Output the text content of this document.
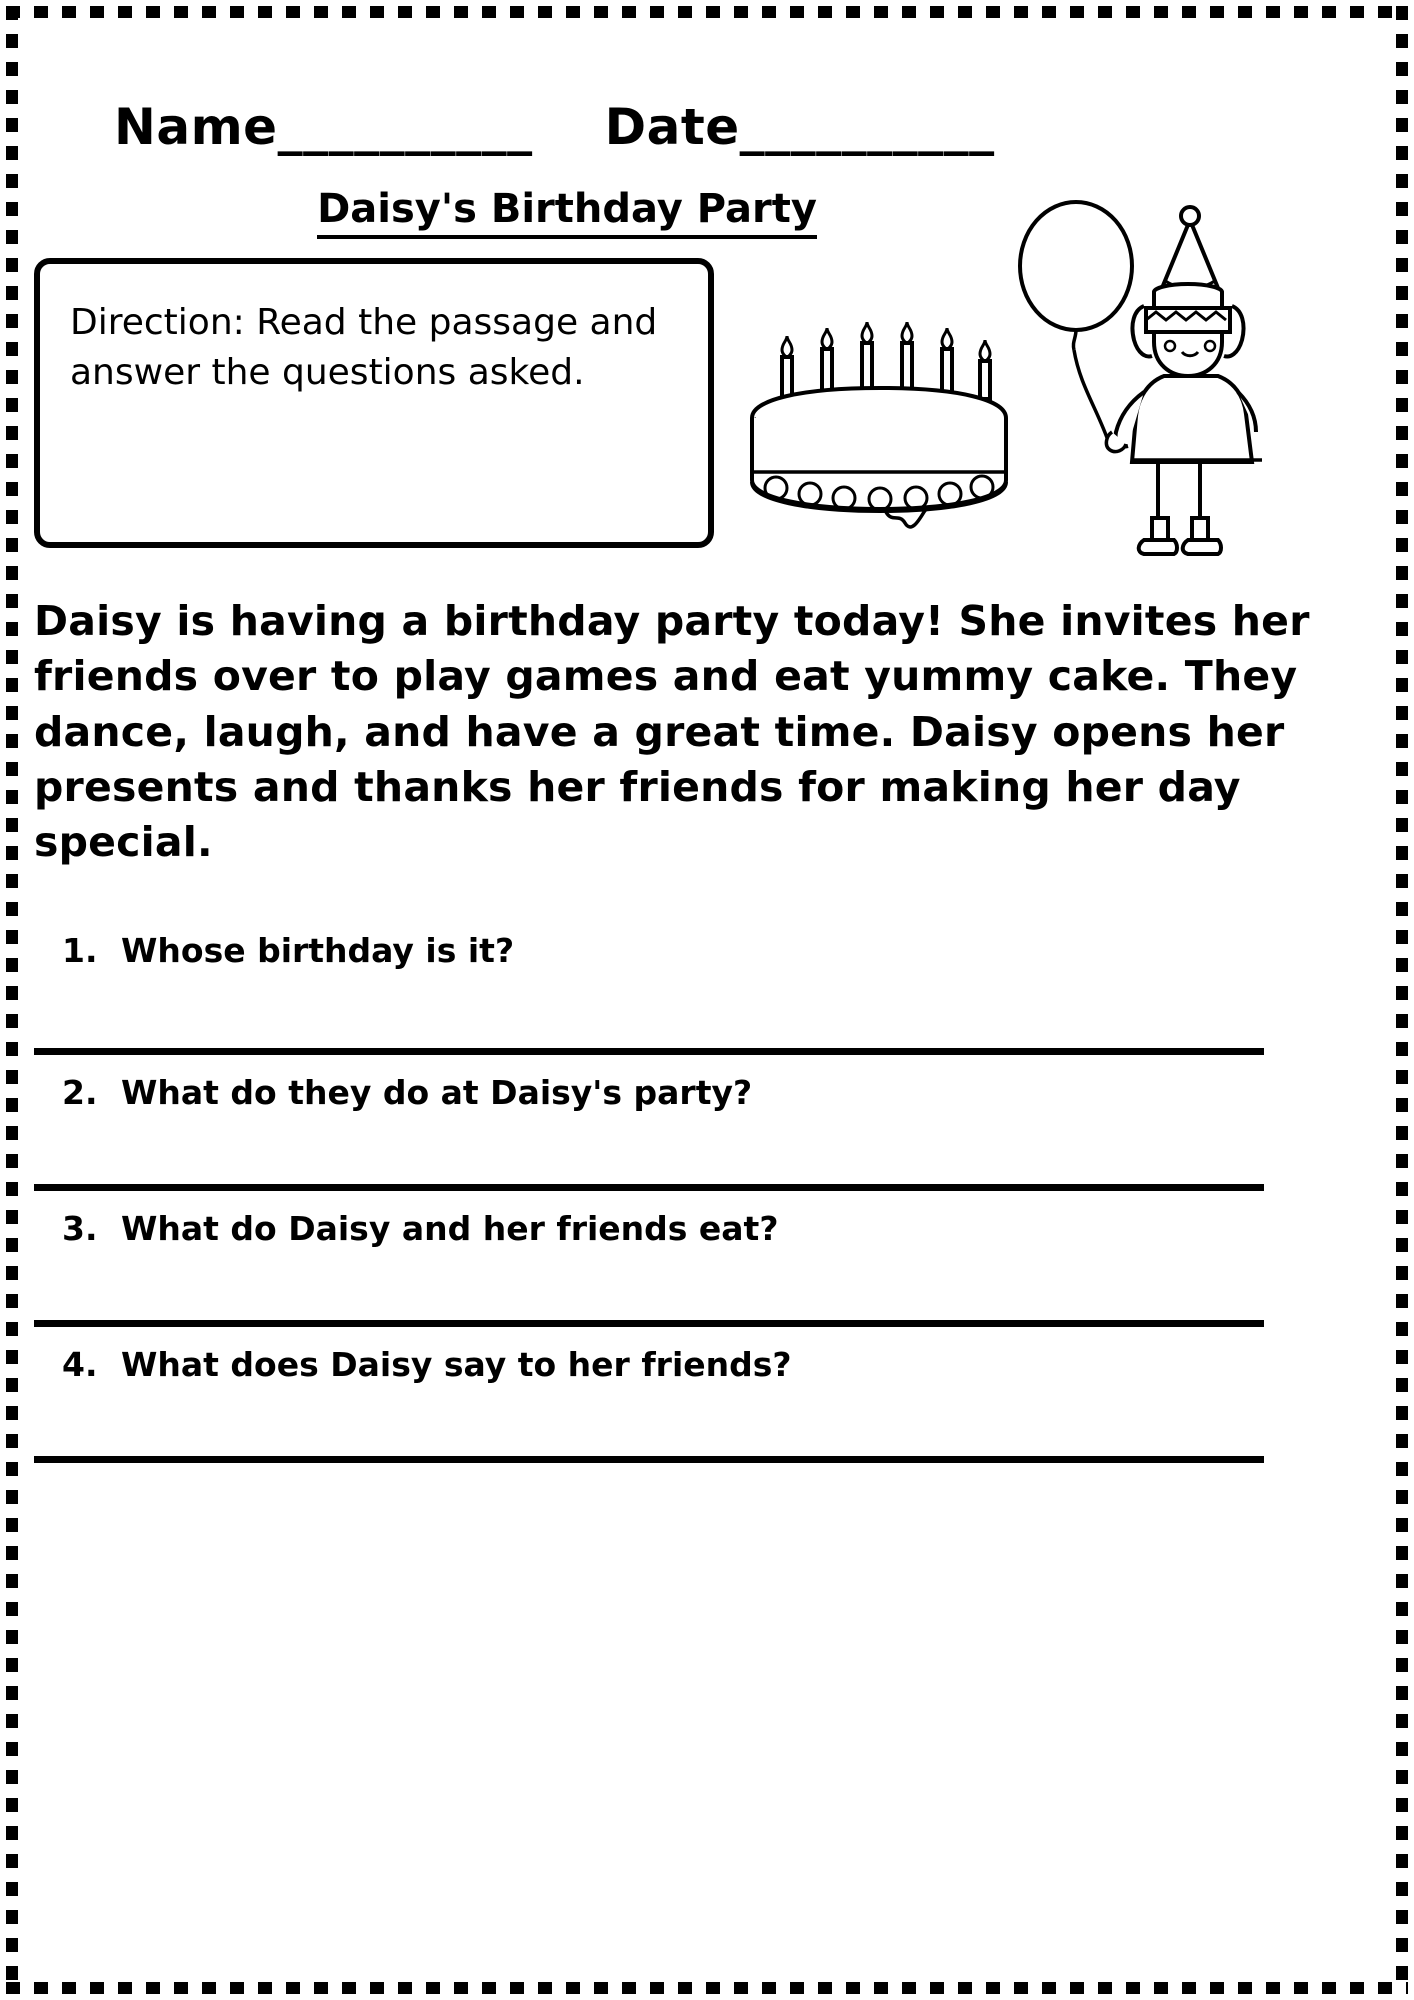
Name__________ Date__________
Daisy's Birthday Party
Direction: Read the passage and answer the questions asked.
Daisy is having a birthday party today! She invites her friends over to play games and eat yummy cake. They dance, laugh, and have a great time. Daisy opens her presents and thanks her friends for making her day special.
1. Whose birthday is it?
2. What do they do at Daisy's party?
3. What do Daisy and her friends eat?
4. What does Daisy say to her friends?
